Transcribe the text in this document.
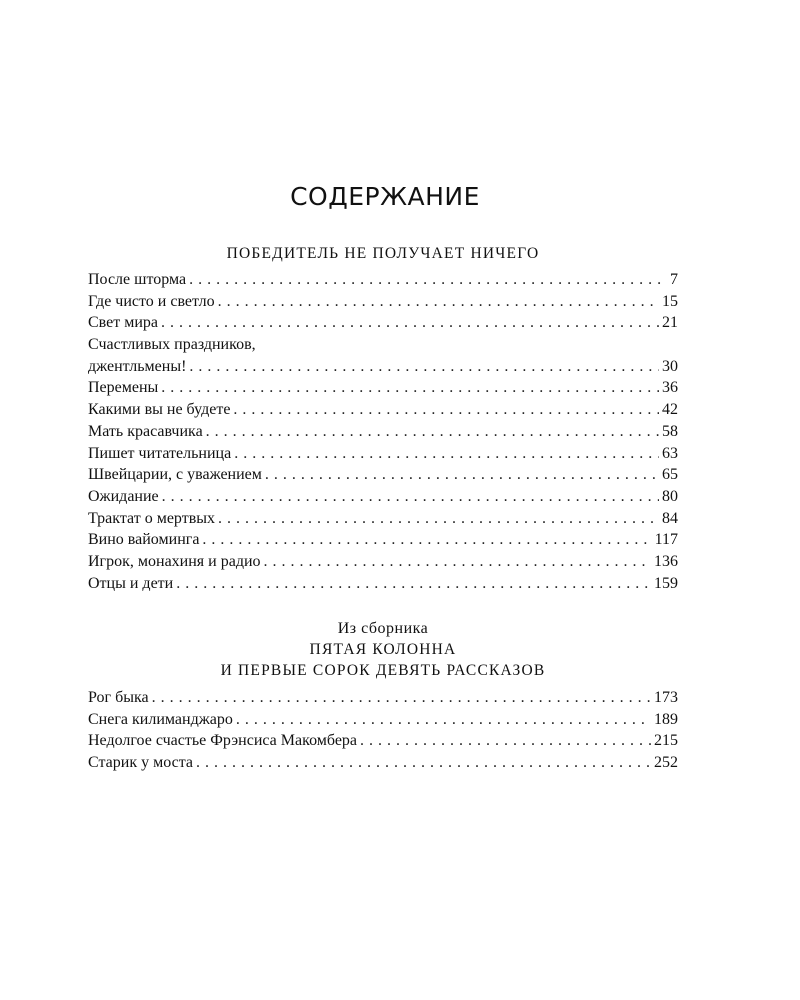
СОДЕРЖАНИЕ
ПОБЕДИТЕЛЬ НЕ ПОЛУЧАЕТ НИЧЕГО
После шторма . . .	7
Где чисто и светло . . .	15
Свет мира . . .	21
Счастливых праздников,
джентльмены! . . .	30
Перемены . . .	36
Какими вы не будете . . .	42
Мать красавчика . . .	58
Пишет читательница . . .	63
Швейцарии, с уважением . . .	65
Ожидание . . .	80
Трактат о мертвых . . .	84
Вино вайоминга . . .	117
Игрок, монахиня и радио . . .	136
Отцы и дети . . .	159

Из сборника

ПЯТАЯ КОЛОННА
И ПЕРВЫЕ СОРОК ДЕВЯТЬ РАССКАЗОВ
Рог быка . . .	173
Снега килиманджаро . . .	189
Недолгое счастье Фрэнсиса Макомбера . . .	215
Старик у моста . . .	252
